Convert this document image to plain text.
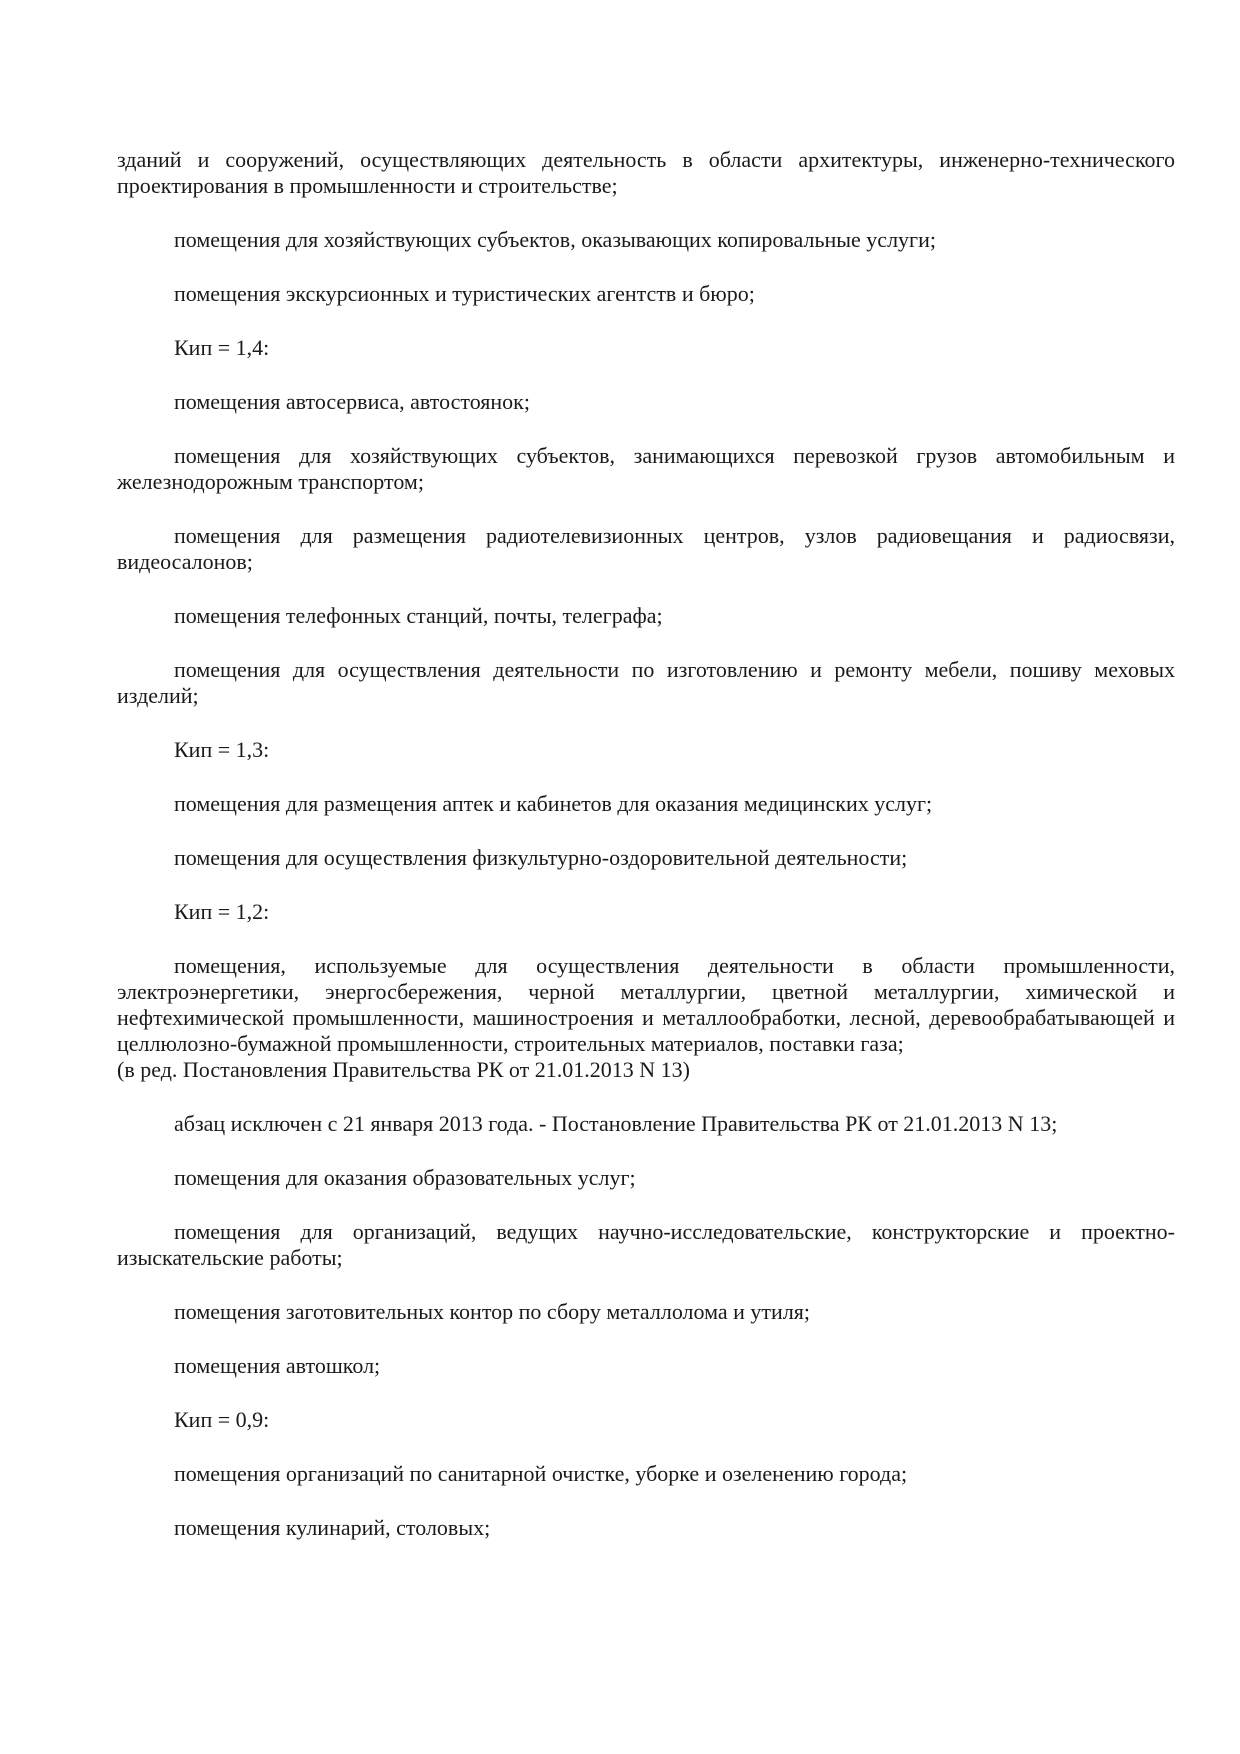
зданий и сооружений, осуществляющих деятельность в области архитектуры, инженерно-технического проектирования в промышленности и строительстве;

помещения для хозяйствующих субъектов, оказывающих копировальные услуги;

помещения экскурсионных и туристических агентств и бюро;

Кип = 1,4:

помещения автосервиса, автостоянок;

помещения для хозяйствующих субъектов, занимающихся перевозкой грузов автомобильным и железнодорожным транспортом;

помещения для размещения радиотелевизионных центров, узлов радиовещания и радиосвязи, видеосалонов;

помещения телефонных станций, почты, телеграфа;

помещения для осуществления деятельности по изготовлению и ремонту мебели, пошиву меховых изделий;

Кип = 1,3:

помещения для размещения аптек и кабинетов для оказания медицинских услуг;

помещения для осуществления физкультурно-оздоровительной деятельности;

Кип = 1,2:

помещения, используемые для осуществления деятельности в области промышленности, электроэнергетики, энергосбережения, черной металлургии, цветной металлургии, химической и нефтехимической промышленности, машиностроения и металлообработки, лесной, деревообрабатывающей и целлюлозно-бумажной промышленности, строительных материалов, поставки газа;

(в ред. Постановления Правительства РК от 21.01.2013 N 13)

абзац исключен с 21 января 2013 года. - Постановление Правительства РК от 21.01.2013 N 13;

помещения для оказания образовательных услуг;

помещения для организаций, ведущих научно-исследовательские, конструкторские и проектно-изыскательские работы;

помещения заготовительных контор по сбору металлолома и утиля;

помещения автошкол;

Кип = 0,9:

помещения организаций по санитарной очистке, уборке и озеленению города;

помещения кулинарий, столовых;
